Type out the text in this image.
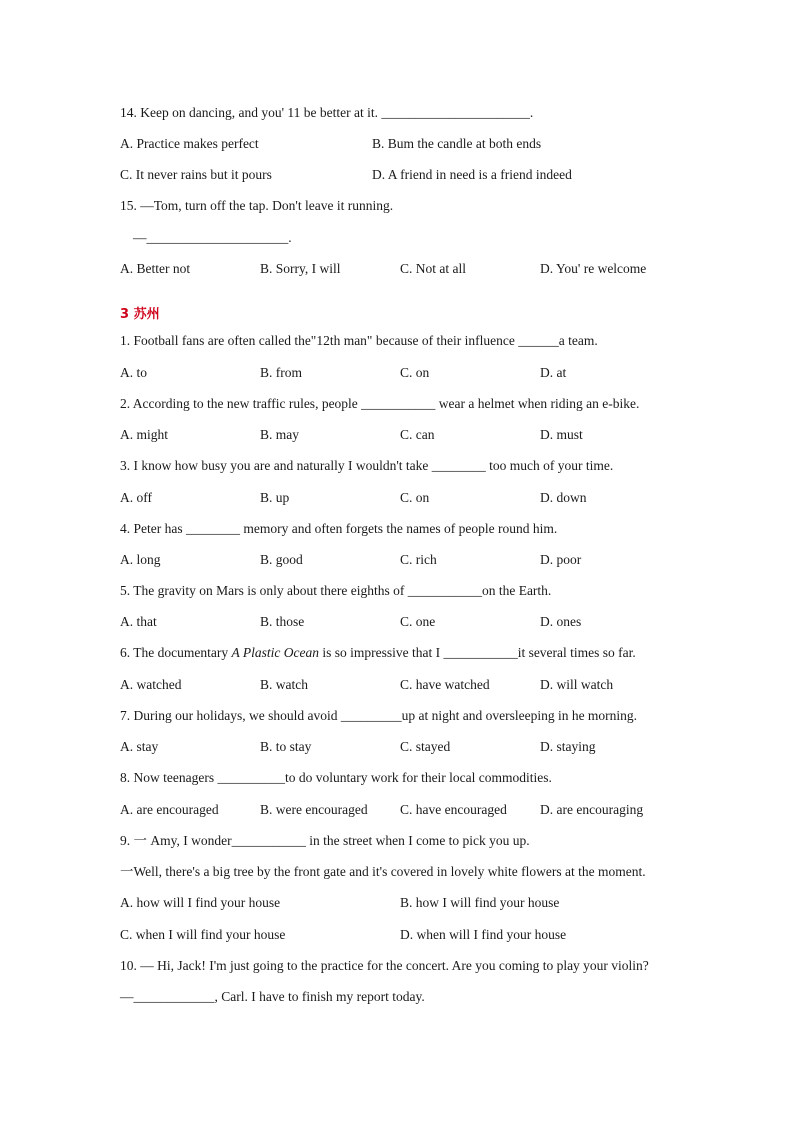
14. Keep on dancing, and you' 11 be better at it. ______________________.
A. Practice makes perfect	B. Bum the candle at both ends
C. It never rains but it pours	D. A friend in need is a friend indeed
15. —Tom, turn off the tap. Don't leave it running.
—_____________________.
A. Better not	B. Sorry, I will	C. Not at all	D. You' re welcome
3 苏州
1. Football fans are often called the"12th man" because of their influence ______a team.
A. to	B. from	C. on	D. at
2. According to the new traffic rules, people ___________ wear a helmet when riding an e-bike.
A. might	B. may	C. can	D. must
3. I know how busy you are and naturally I wouldn't take ________ too much of your time.
A. off	B. up	C. on	D. down
4. Peter has ________ memory and often forgets the names of people round him.
A. long	B. good	C. rich	D. poor
5. The gravity on Mars is only about there eighths of ___________on the Earth.
A. that	B. those	C. one	D. ones
6. The documentary A Plastic Ocean is so impressive that I ___________it several times so far.
A. watched	B. watch	C. have watched	D. will watch
7. During our holidays, we should avoid _________up at night and oversleeping in he morning.
A. stay	B. to stay	C. stayed	D. staying
8. Now teenagers __________to do voluntary work for their local commodities.
A. are encouraged	B. were encouraged C. have encouraged D. are encouraging
9. 一 Amy, I wonder___________ in the street when I come to pick you up.
一Well, there's a big tree by the front gate and it's covered in lovely white flowers at the moment.
A. how will I find your house	B. how I will find your house
C. when I will find your house	D. when will I find your house
10. — Hi, Jack! I'm just going to the practice for the concert. Are you coming to play your violin?
—____________, Carl. I have to finish my report today.
